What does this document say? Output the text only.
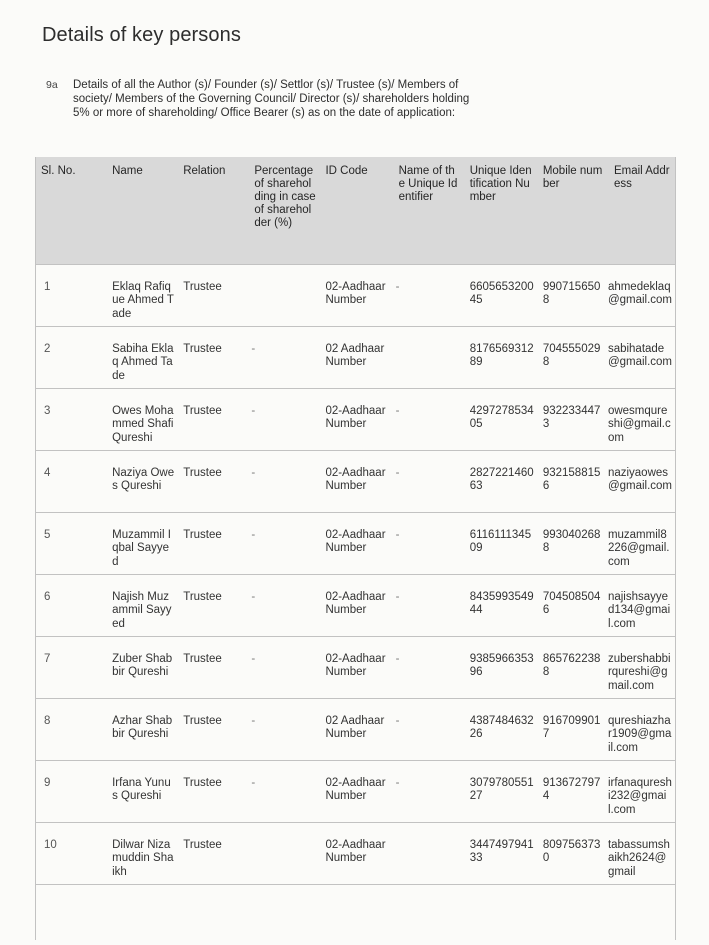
Details of key persons
9a Details of all the Author (s)/ Founder (s)/ Settlor (s)/ Trustee (s)/ Members of society/ Members of the Governing Council/ Director (s)/ shareholders holding 5% or more of shareholding/ Office Bearer (s) as on the date of application:
Sl. No.	Name	Relation	Percentage of shareholding in case of shareholder (%)	ID Code	Name of the Unique Identifier	Unique Identification Number	Mobile number	Email Address
1	Eklaq Rafique Ahmed Tade	Trustee		02-Aadhaar Number	-	660565320045	9907156508	ahmedeklaq@gmail.com
2	Sabiha Eklaq Ahmed Tade	Trustee	-	02 Aadhaar Number		817656931289	7045550298	sabihatade@gmail.com
3	Owes Mohammed Shafi Qureshi	Trustee	-	02-Aadhaar Number	-	429727853405	9322334473	owesmqureshi@gmail.com
4	Naziya Owes Qureshi	Trustee	-	02-Aadhaar Number	-	282722146063	9321588156	naziyaowes@gmail.com
5	Muzammil Iqbal Sayyed	Trustee	-	02-Aadhaar Number	-	611611134509	9930402688	muzammil8226@gmail.com
6	Najish Muzammil Sayyed	Trustee	-	02-Aadhaar Number	-	843599354944	7045085046	najishsayyed134@gmail.com
7	Zuber Shabbir Qureshi	Trustee	-	02-Aadhaar Number	-	938596635396	8657622388	zubershabbirqureshi@gmail.com
8	Azhar Shabbir Qureshi	Trustee	-	02 Aadhaar Number	-	438748463226	9167099017	qureshiazhar1909@gmail.com
9	Irfana Yunus Qureshi	Trustee	-	02-Aadhaar Number	-	307978055127	9136727974	irfanaqureshi232@gmail.com
10	Dilwar Nizamuddin Shaikh	Trustee		02-Aadhaar Number		344749794133	8097563730	tabassumshaikh2624@gmail
